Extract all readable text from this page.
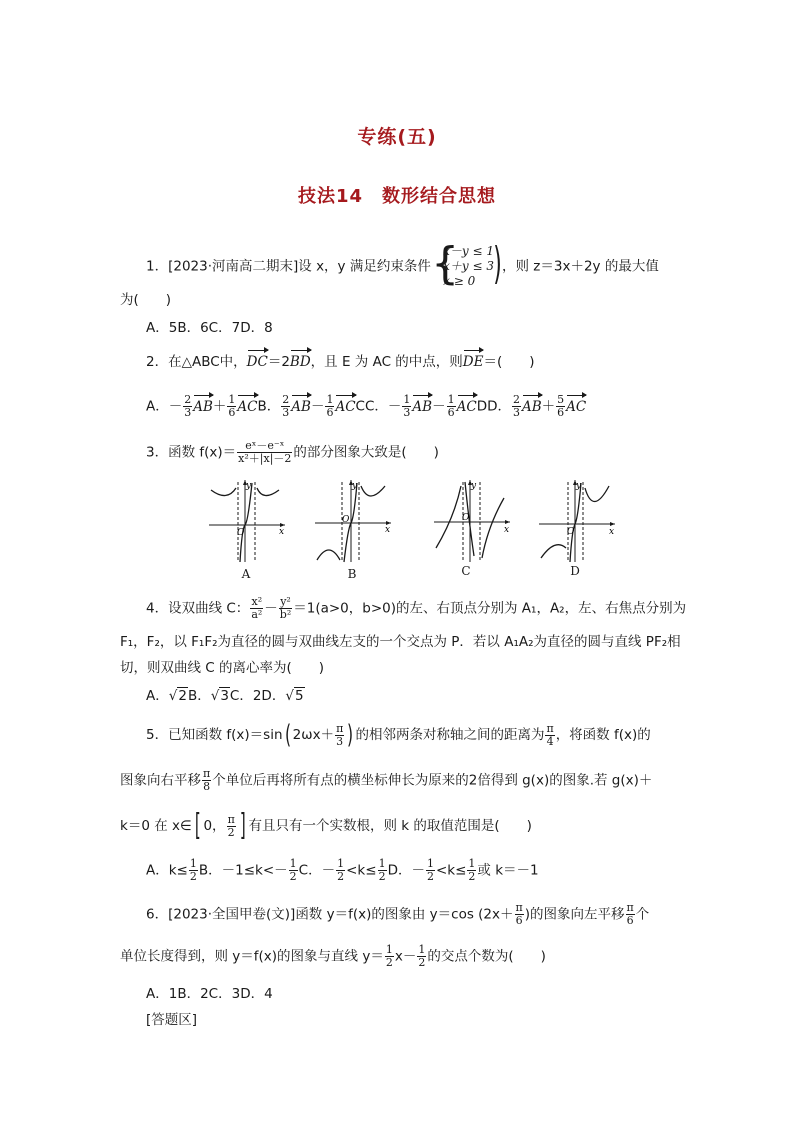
专练(五)
技法14　数形结合思想
1．[2023·河南高二期末]设 x，y 满足约束条件
{ x－y ≤ 1
x＋y ≤ 3
x ≥ 0
)，则 z＝3x＋2y 的最大值
为(　　)
A．5B．6C．7D．8
2．在△ABC中，DC＝2BD，且 E 为 AC 的中点，则DE＝(　　)
A．－ $\frac{2}{3} AB+ \frac{1}{6}$ ACB． $\frac{2}{3} AB- \frac{1}{6}$ ACCC．－ $\frac{1}{3} AB- \frac{1}{6}$ ACDD． $\frac{2}{3} AB+ \frac{5}{6}$ AC
3．函数 $f(x)= \frac{\text{eˣ－e⁻ˣ}}{\text{x²＋|x|－2}}$ 的部分图象大致是(　　)
y
x
O
A
y
x
O
B
y
x
O
C
y
x
O
D
4．设双曲线 C： $\frac{\text{x²}}{\text{a²}} - \frac{\text{y²}}{\text{b²}} =1(a>0$，b>0)的左、右顶点分别为 A₁，A₂，左、右焦点分别为
F₁，F₂，以 F₁F₂为直径的圆与双曲线左支的一个交点为 P．若以 A₁A₂为直径的圆与直线 PF₂相
切，则双曲线 C 的离心率为(　　)
A．√2B．√3C．2D．√5
5．已知函数 f(x)＝sin( $2\omega x+ \frac{\pi}{3}$ ) 的相邻两条对称轴之间的距离为 $\frac{\pi}{4}$ ，将函数 f(x)的
图象向右平移 $\frac{\pi}{8}$ 个单位后再将所有点的横坐标伸长为原来的2倍得到 g(x)的图象.若 g(x)＋
k＝0 在 x∈[ 0， $\frac{\pi}{2}$ ] 有且只有一个实数根，则 k 的取值范围是(　　)
A．$k\le \frac{1}{2}$ B．$-1\le k<- \frac{1}{2}$ C．－ $\frac{1}{2} <k\le \frac{1}{2}$ D．－ $\frac{1}{2} <k\le \frac{1}{2}$ 或 k＝－1
6．[2023·全国甲卷(文)]函数 y＝f(x)的图象由 y＝cos ($2x+ \frac{\pi}{6}$ )的图象向左平移 $\frac{\pi}{6}$ 个
单位长度得到，则 y＝f(x)的图象与直线 $y= \frac{1}{2} x- \frac{1}{2}$ 的交点个数为(　　)
A．1B．2C．3D．4
[答题区]
